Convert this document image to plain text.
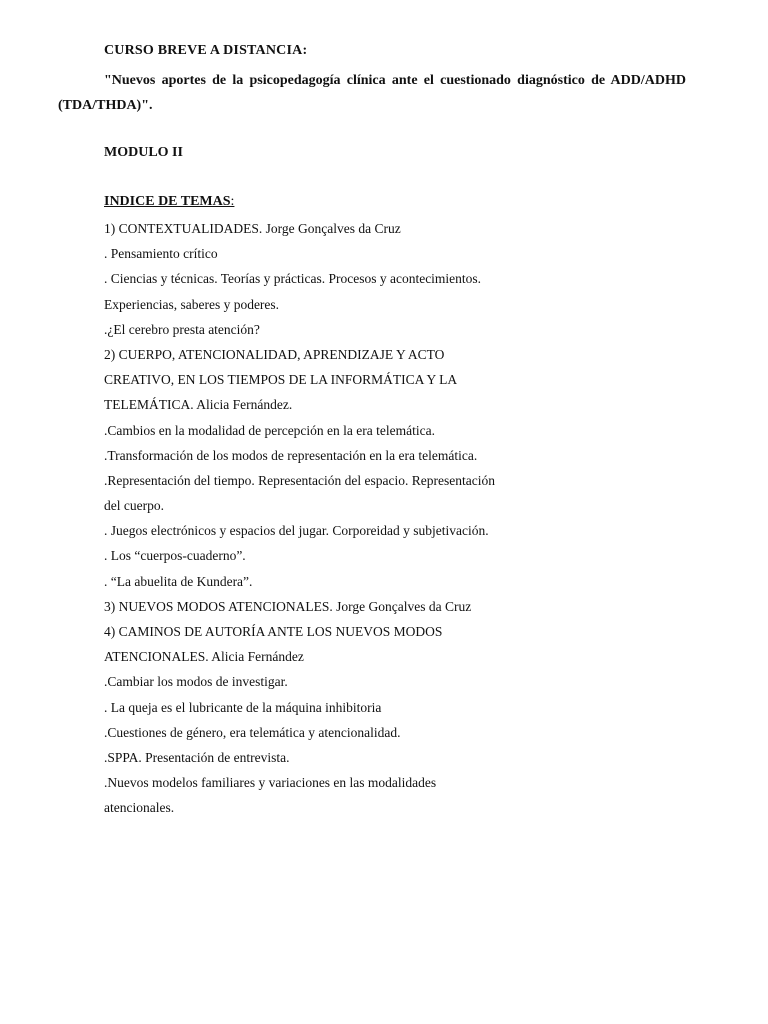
CURSO BREVE A DISTANCIA:
"Nuevos aportes de la psicopedagogía clínica ante el cuestionado diagnóstico de ADD/ADHD (TDA/THDA)".
MODULO II
INDICE DE TEMAS:
1) CONTEXTUALIDADES. Jorge Gonçalves da Cruz
. Pensamiento crítico
. Ciencias y técnicas. Teorías y prácticas. Procesos y acontecimientos.
Experiencias, saberes y poderes.
.¿El cerebro presta atención?
2) CUERPO, ATENCIONALIDAD, APRENDIZAJE Y ACTO
CREATIVO, EN LOS TIEMPOS DE LA INFORMÁTICA Y LA
TELEMÁTICA. Alicia Fernández.
.Cambios en la modalidad de percepción en la era telemática.
.Transformación de los modos de representación en la era telemática.
.Representación del tiempo. Representación del espacio. Representación
del cuerpo.
. Juegos electrónicos y espacios del jugar. Corporeidad y subjetivación.
. Los “cuerpos-cuaderno”.
. “La abuelita de Kundera”.
3) NUEVOS MODOS ATENCIONALES. Jorge Gonçalves da Cruz
4) CAMINOS DE AUTORÍA ANTE LOS NUEVOS MODOS
ATENCIONALES. Alicia Fernández
.Cambiar los modos de investigar.
. La queja es el lubricante de la máquina inhibitoria
.Cuestiones de género, era telemática y atencionalidad.
.SPPA. Presentación de entrevista.
.Nuevos modelos familiares y variaciones en las modalidades
atencionales.
